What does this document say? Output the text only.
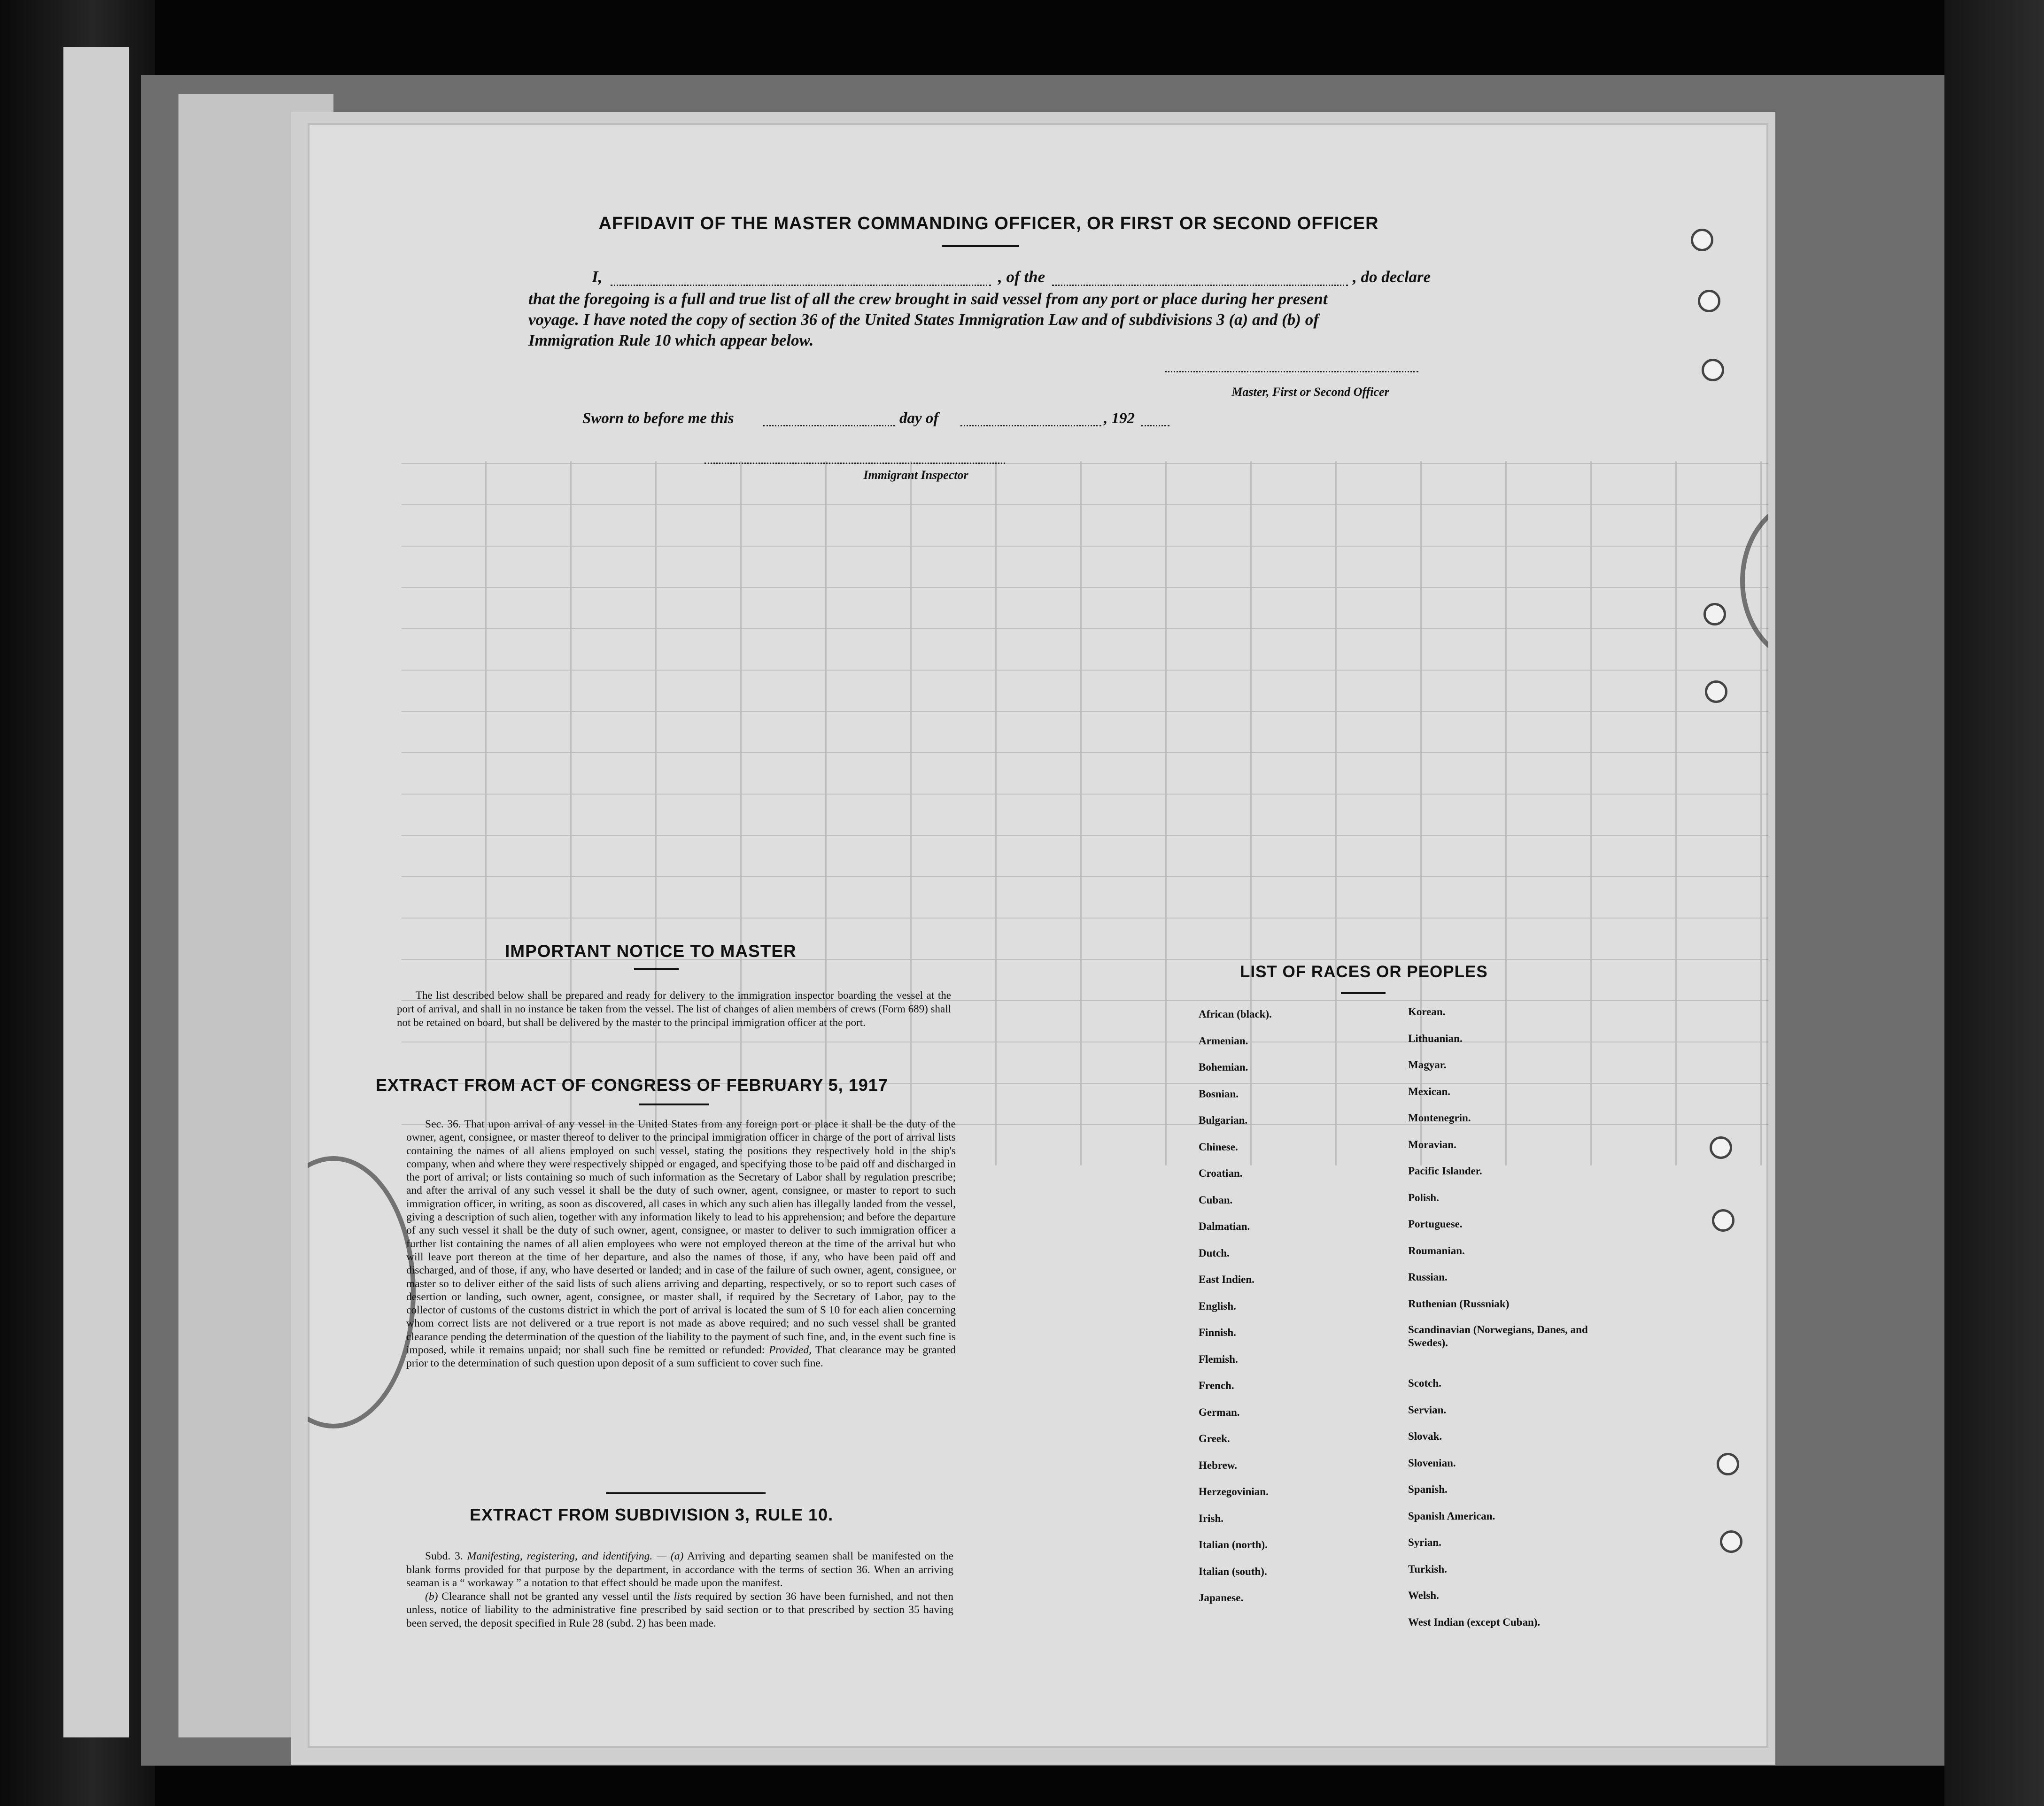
AFFIDAVIT OF THE MASTER COMMANDING OFFICER, OR FIRST OR SECOND OFFICER
I,	, of the	, do declare
that the foregoing is a full and true list of all the crew brought in said vessel from any port or place during her present
voyage. I have noted the copy of section 36 of the United States Immigration Law and of subdivisions 3 (a) and (b) of
Immigration Rule 10 which appear below.
Master, First or Second Officer
Sworn to before me this	day of	, 192
Immigrant Inspector
IMPORTANT NOTICE TO MASTER

The list described below shall be prepared and ready for delivery to the immigration inspector boarding the vessel at the port of arrival, and shall in no instance be taken from the vessel. The list of changes of alien members of crews (Form 689) shall not be retained on board, but shall be delivered by the master to the principal immigration officer at the port.

EXTRACT FROM ACT OF CONGRESS OF FEBRUARY 5, 1917

Sec. 36. That upon arrival of any vessel in the United States from any foreign port or place it shall be the duty of the owner, agent, consignee, or master thereof to deliver to the principal immigration officer in charge of the port of arrival lists containing the names of all aliens employed on such vessel, stating the positions they respectively hold in the ship's company, when and where they were respectively shipped or engaged, and specifying those to be paid off and discharged in the port of arrival; or lists containing so much of such information as the Secretary of Labor shall by regulation prescribe; and after the arrival of any such vessel it shall be the duty of such owner, agent, consignee, or master to report to such immigration officer, in writing, as soon as discovered, all cases in which any such alien has illegally landed from the vessel, giving a description of such alien, together with any information likely to lead to his apprehension; and before the departure of any such vessel it shall be the duty of such owner, agent, consignee, or master to deliver to such immigration officer a further list containing the names of all alien employees who were not employed thereon at the time of the arrival but who will leave port thereon at the time of her departure, and also the names of those, if any, who have been paid off and discharged, and of those, if any, who have deserted or landed; and in case of the failure of such owner, agent, consignee, or master so to deliver either of the said lists of such aliens arriving and departing, respectively, or so to report such cases of desertion or landing, such owner, agent, consignee, or master shall, if required by the Secretary of Labor, pay to the collector of customs of the customs district in which the port of arrival is located the sum of $ 10 for each alien concerning whom correct lists are not delivered or a true report is not made as above required; and no such vessel shall be granted clearance pending the determination of the question of the liability to the payment of such fine, and, in the event such fine is imposed, while it remains unpaid; nor shall such fine be remitted or refunded: Provided, That clearance may be granted prior to the determination of such question upon deposit of a sum sufficient to cover such fine.

EXTRACT FROM SUBDIVISION 3, RULE 10.

Subd. 3. Manifesting, registering, and identifying. — (a) Arriving and departing seamen shall be manifested on the blank forms provided for that purpose by the department, in accordance with the terms of section 36. When an arriving seaman is a “ workaway ” a notation to that effect should be made upon the manifest.

(b) Clearance shall not be granted any vessel until the lists required by section 36 have been furnished, and not then unless, notice of liability to the administrative fine prescribed by said section or to that prescribed by section 35 having been served, the deposit specified in Rule 28 (subd. 2) has been made.

LIST OF RACES OR PEOPLES
African (black).
Armenian.
Bohemian.
Bosnian.
Bulgarian.
Chinese.
Croatian.
Cuban.
Dalmatian.
Dutch.
East Indien.
English.
Finnish.
Flemish.
French.
German.
Greek.
Hebrew.
Herzegovinian.
Irish.
Italian (north).
Italian (south).
Japanese.
Korean.
Lithuanian.
Magyar.
Mexican.
Montenegrin.
Moravian.
Pacific Islander.
Polish.
Portuguese.
Roumanian.
Russian.
Ruthenian (Russniak)
Scandinavian (Norwegians, Danes, and Swedes).
Scotch.
Servian.
Slovak.
Slovenian.
Spanish.
Spanish American.
Syrian.
Turkish.
Welsh.
West Indian (except Cuban).
